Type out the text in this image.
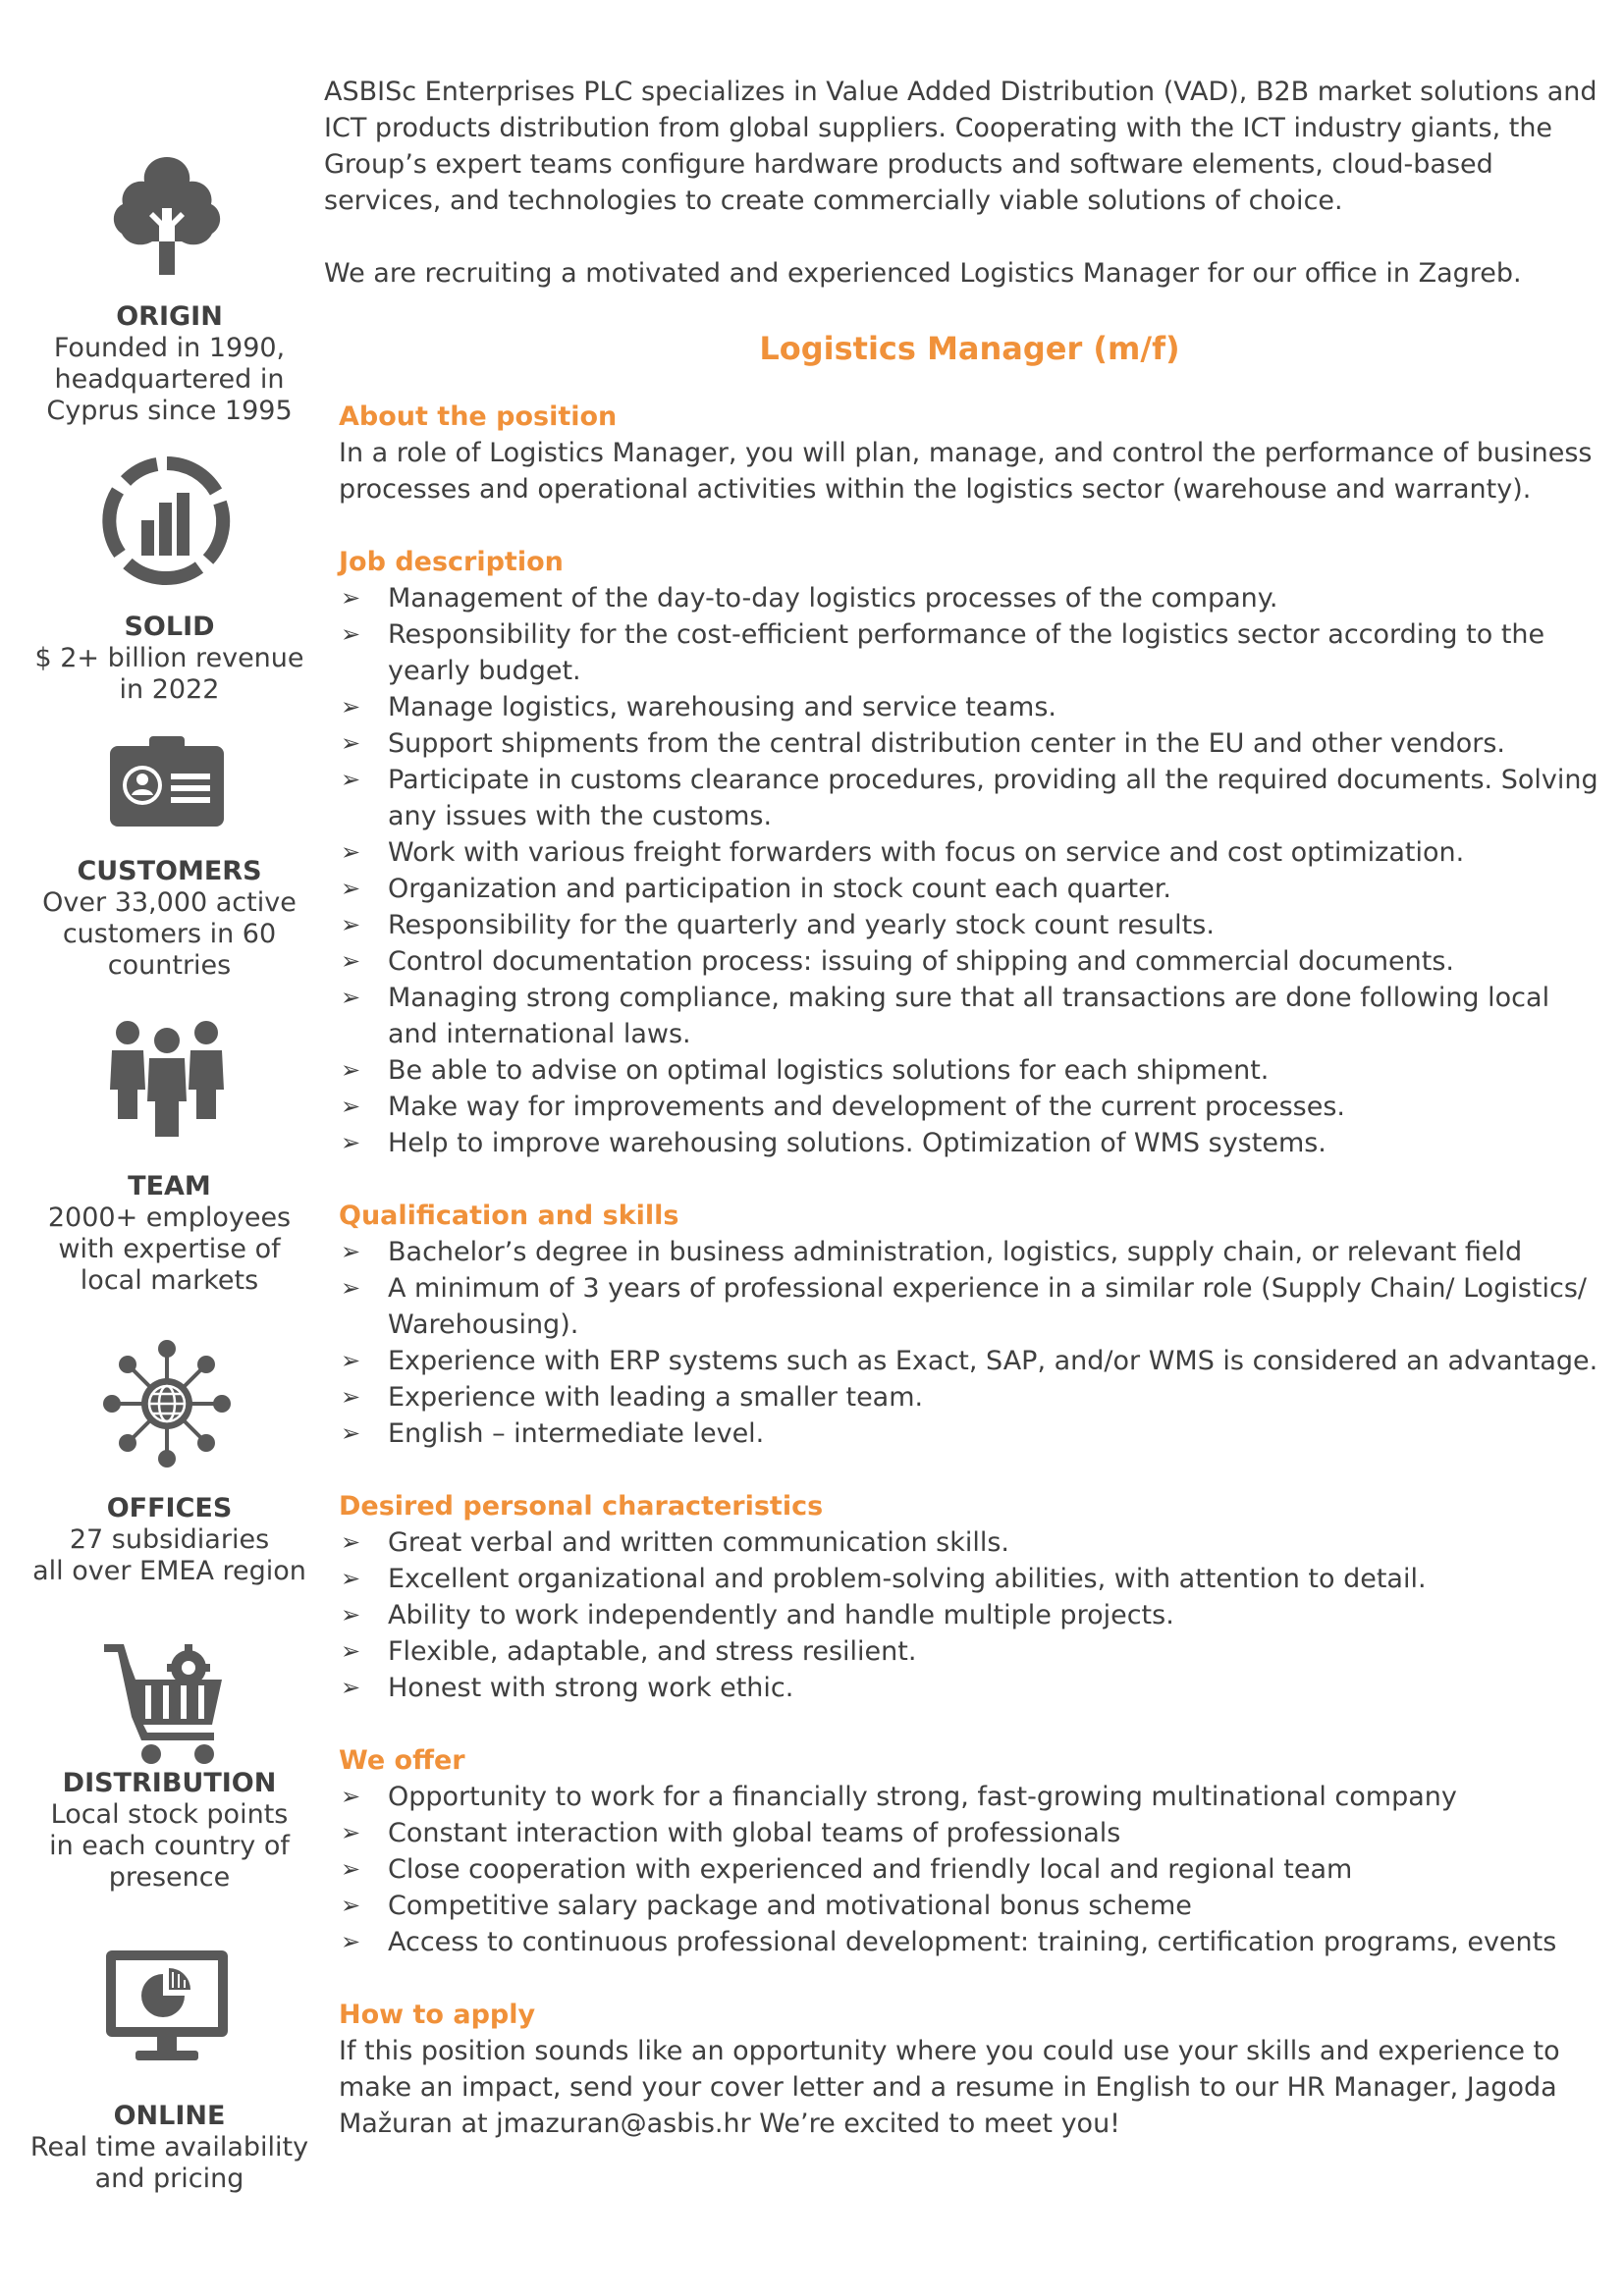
ORIGIN
Founded in 1990,
headquartered in
Cyprus since 1995
SOLID
$ 2+ billion revenue
in 2022
CUSTOMERS
Over 33,000 active
customers in 60
countries
TEAM
2000+ employees
with expertise of
local markets
OFFICES
27 subsidiaries
all over EMEA region
DISTRIBUTION
Local stock points
in each country of
presence
ONLINE
Real time availability
and pricing

ASBISc Enterprises PLC specializes in Value Added Distribution (VAD), B2B market solutions and ICT products distribution from global suppliers. Cooperating with the ICT industry giants, the Group’s expert teams configure hardware products and software elements, cloud-based services, and technologies to create commercially viable solutions of choice.

We are recruiting a motivated and experienced Logistics Manager for our office in Zagreb.

Logistics Manager (m/f)
About the position

In a role of Logistics Manager, you will plan, manage, and control the performance of business processes and operational activities within the logistics sector (warehouse and warranty).

Job description
➢ Management of the day-to-day logistics processes of the company.
➢ Responsibility for the cost-efficient performance of the logistics sector according to the yearly budget.
➢ Manage logistics, warehousing and service teams.
➢ Support shipments from the central distribution center in the EU and other vendors.
➢ Participate in customs clearance procedures, providing all the required documents. Solving any issues with the customs.
➢ Work with various freight forwarders with focus on service and cost optimization.
➢ Organization and participation in stock count each quarter.
➢ Responsibility for the quarterly and yearly stock count results.
➢ Control documentation process: issuing of shipping and commercial documents.
➢ Managing strong compliance, making sure that all transactions are done following local and international laws.
➢ Be able to advise on optimal logistics solutions for each shipment.
➢ Make way for improvements and development of the current processes.
➢ Help to improve warehousing solutions. Optimization of WMS systems.
Qualification and skills
➢ Bachelor’s degree in business administration, logistics, supply chain, or relevant field
➢ A minimum of 3 years of professional experience in a similar role (Supply Chain/ Logistics/ Warehousing).
➢ Experience with ERP systems such as Exact, SAP, and/or WMS is considered an advantage.
➢ Experience with leading a smaller team.
➢ English – intermediate level.
Desired personal characteristics
➢ Great verbal and written communication skills.
➢ Excellent organizational and problem-solving abilities, with attention to detail.
➢ Ability to work independently and handle multiple projects.
➢ Flexible, adaptable, and stress resilient.
➢ Honest with strong work ethic.
We offer
➢ Opportunity to work for a financially strong, fast-growing multinational company
➢ Constant interaction with global teams of professionals
➢ Close cooperation with experienced and friendly local and regional team
➢ Competitive salary package and motivational bonus scheme
➢ Access to continuous professional development: training, certification programs, events
How to apply

If this position sounds like an opportunity where you could use your skills and experience to make an impact, send your cover letter and a resume in English to our HR Manager, Jagoda Mažuran at jmazuran@asbis.hr We’re excited to meet you!
